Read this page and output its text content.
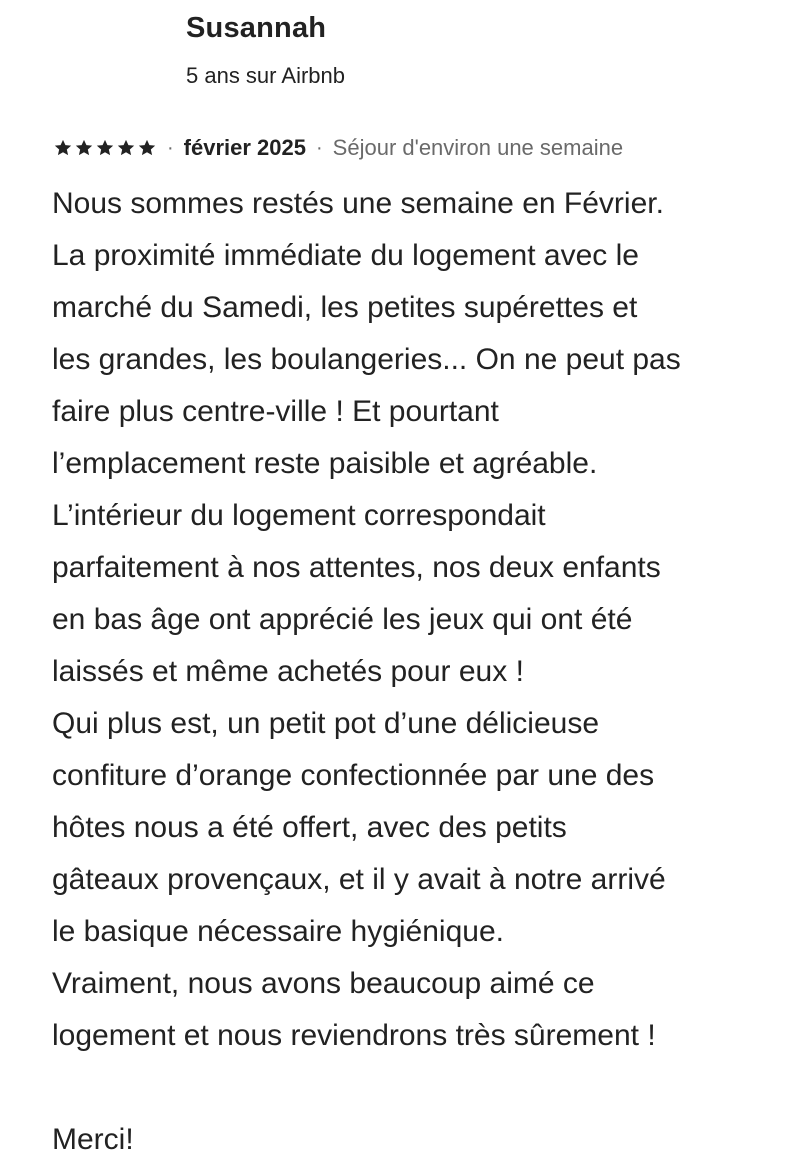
Susannah
5 ans sur Airbnb
· février 2025 · Séjour d'environ une semaine
Nous sommes restés une semaine en Février.
La proximité immédiate du logement avec le
marché du Samedi, les petites supérettes et
les grandes, les boulangeries... On ne peut pas
faire plus centre-ville ! Et pourtant
l’emplacement reste paisible et agréable.
L’intérieur du logement correspondait
parfaitement à nos attentes, nos deux enfants
en bas âge ont apprécié les jeux qui ont été
laissés et même achetés pour eux !
Qui plus est, un petit pot d’une délicieuse
confiture d’orange confectionnée par une des
hôtes nous a été offert, avec des petits
gâteaux provençaux, et il y avait à notre arrivé
le basique nécessaire hygiénique.
Vraiment, nous avons beaucoup aimé ce
logement et nous reviendrons très sûrement !
Merci!
